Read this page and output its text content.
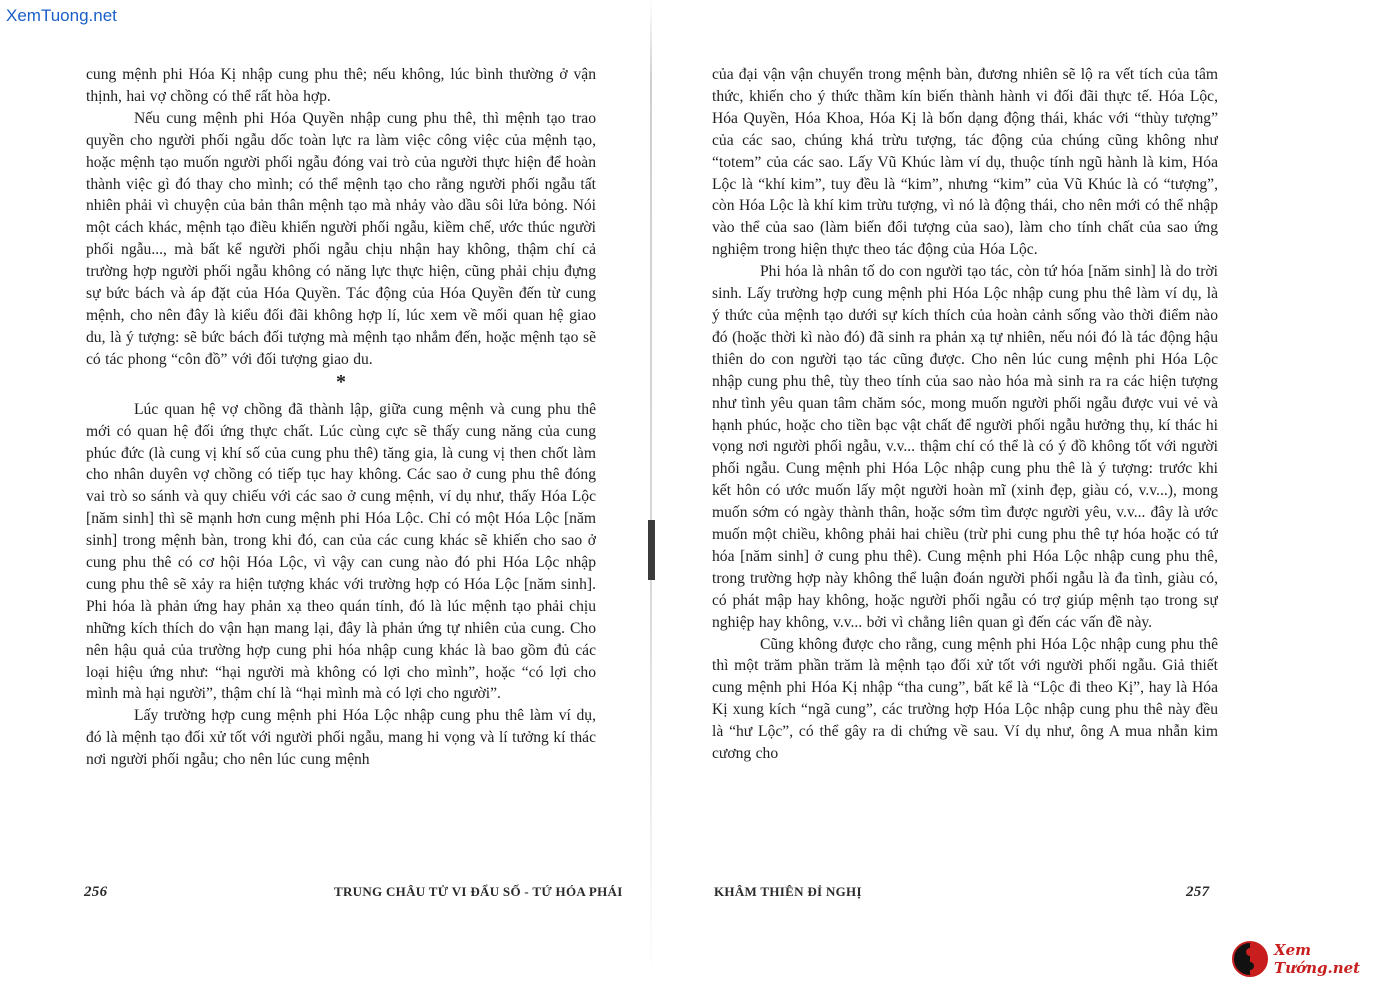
XemTuong.net

cung mệnh phi Hóa Kị nhập cung phu thê; nếu không, lúc bình thường ở vận thịnh, hai vợ chồng có thể rất hòa hợp.

Nếu cung mệnh phi Hóa Quyền nhập cung phu thê, thì mệnh tạo trao quyền cho người phối ngẫu dốc toàn lực ra làm việc công việc của mệnh tạo, hoặc mệnh tạo muốn người phối ngẫu đóng vai trò của người thực hiện để hoàn thành việc gì đó thay cho mình; có thể mệnh tạo cho rằng người phối ngẫu tất nhiên phải vì chuyện của bản thân mệnh tạo mà nhảy vào dầu sôi lửa bỏng. Nói một cách khác, mệnh tạo điều khiển người phối ngẫu, kiềm chế, ước thúc người phối ngẫu..., mà bất kể người phối ngẫu chịu nhận hay không, thậm chí cả trường hợp người phối ngẫu không có năng lực thực hiện, cũng phải chịu đựng sự bức bách và áp đặt của Hóa Quyền. Tác động của Hóa Quyền đến từ cung mệnh, cho nên đây là kiểu đối đãi không hợp lí, lúc xem về mối quan hệ giao du, là ý tượng: sẽ bức bách đối tượng mà mệnh tạo nhắm đến, hoặc mệnh tạo sẽ có tác phong “côn đồ” với đối tượng giao du.

*

Lúc quan hệ vợ chồng đã thành lập, giữa cung mệnh và cung phu thê mới có quan hệ đối ứng thực chất. Lúc cùng cực sẽ thấy cung năng của cung phúc đức (là cung vị khí số của cung phu thê) tăng gia, là cung vị then chốt làm cho nhân duyên vợ chồng có tiếp tục hay không. Các sao ở cung phu thê đóng vai trò so sánh và quy chiếu với các sao ở cung mệnh, ví dụ như, thấy Hóa Lộc [năm sinh] thì sẽ mạnh hơn cung mệnh phi Hóa Lộc. Chỉ có một Hóa Lộc [năm sinh] trong mệnh bàn, trong khi đó, can của các cung khác sẽ khiến cho sao ở cung phu thê có cơ hội Hóa Lộc, vì vậy can cung nào đó phi Hóa Lộc nhập cung phu thê sẽ xảy ra hiện tượng khác với trường hợp có Hóa Lộc [năm sinh]. Phi hóa là phản ứng hay phản xạ theo quán tính, đó là lúc mệnh tạo phải chịu những kích thích do vận hạn mang lại, đây là phản ứng tự nhiên của cung. Cho nên hậu quả của trường hợp cung phi hóa nhập cung khác là bao gồm đủ các loại hiệu ứng như: “hại người mà không có lợi cho mình”, hoặc “có lợi cho mình mà hại người”, thậm chí là “hại mình mà có lợi cho người”.

Lấy trường hợp cung mệnh phi Hóa Lộc nhập cung phu thê làm ví dụ, đó là mệnh tạo đối xử tốt với người phối ngẫu, mang hi vọng và lí tưởng kí thác nơi người phối ngẫu; cho nên lúc cung mệnh

256	TRUNG CHÂU TỬ VI ĐẨU SỐ - TỨ HÓA PHÁI

của đại vận vận chuyển trong mệnh bàn, đương nhiên sẽ lộ ra vết tích của tâm thức, khiến cho ý thức thầm kín biến thành hành vi đối đãi thực tế. Hóa Lộc, Hóa Quyền, Hóa Khoa, Hóa Kị là bốn dạng động thái, khác với “thùy tượng” của các sao, chúng khá trừu tượng, tác động của chúng cũng không như “totem” của các sao. Lấy Vũ Khúc làm ví dụ, thuộc tính ngũ hành là kim, Hóa Lộc là “khí kim”, tuy đều là “kim”, nhưng “kim” của Vũ Khúc là có “tượng”, còn Hóa Lộc là khí kim trừu tượng, vì nó là động thái, cho nên mới có thể nhập vào thể của sao (làm biến đổi tượng của sao), làm cho tính chất của sao ứng nghiệm trong hiện thực theo tác động của Hóa Lộc.

Phi hóa là nhân tố do con người tạo tác, còn tứ hóa [năm sinh] là do trời sinh. Lấy trường hợp cung mệnh phi Hóa Lộc nhập cung phu thê làm ví dụ, là ý thức của mệnh tạo dưới sự kích thích của hoàn cảnh sống vào thời điểm nào đó (hoặc thời kì nào đó) đã sinh ra phản xạ tự nhiên, nếu nói đó là tác động hậu thiên do con người tạo tác cũng được. Cho nên lúc cung mệnh phi Hóa Lộc nhập cung phu thê, tùy theo tính của sao nào hóa mà sinh ra ra các hiện tượng như tình yêu quan tâm chăm sóc, mong muốn người phối ngẫu được vui vẻ và hạnh phúc, hoặc cho tiền bạc vật chất để người phối ngẫu hưởng thụ, kí thác hi vọng nơi người phối ngẫu, v.v... thậm chí có thể là có ý đồ không tốt với người phối ngẫu. Cung mệnh phi Hóa Lộc nhập cung phu thê là ý tượng: trước khi kết hôn có ước muốn lấy một người hoàn mĩ (xinh đẹp, giàu có, v.v...), mong muốn sớm có ngày thành thân, hoặc sớm tìm được người yêu, v.v... đây là ước muốn một chiều, không phải hai chiều (trừ phi cung phu thê tự hóa hoặc có tứ hóa [năm sinh] ở cung phu thê). Cung mệnh phi Hóa Lộc nhập cung phu thê, trong trường hợp này không thể luận đoán người phối ngẫu là đa tình, giàu có, có phát mập hay không, hoặc người phối ngẫu có trợ giúp mệnh tạo trong sự nghiệp hay không, v.v... bởi vì chẳng liên quan gì đến các vấn đề này.

Cũng không được cho rằng, cung mệnh phi Hóa Lộc nhập cung phu thê thì một trăm phần trăm là mệnh tạo đối xử tốt với người phối ngẫu. Giả thiết cung mệnh phi Hóa Kị nhập “tha cung”, bất kể là “Lộc đi theo Kị”, hay là Hóa Kị xung kích “ngã cung”, các trường hợp Hóa Lộc nhập cung phu thê này đều là “hư Lộc”, có thể gây ra di chứng về sau. Ví dụ như, ông A mua nhẫn kim cương cho

KHÂM THIÊN ĐỈ NGHỊ	257
Xem Tướng.net
